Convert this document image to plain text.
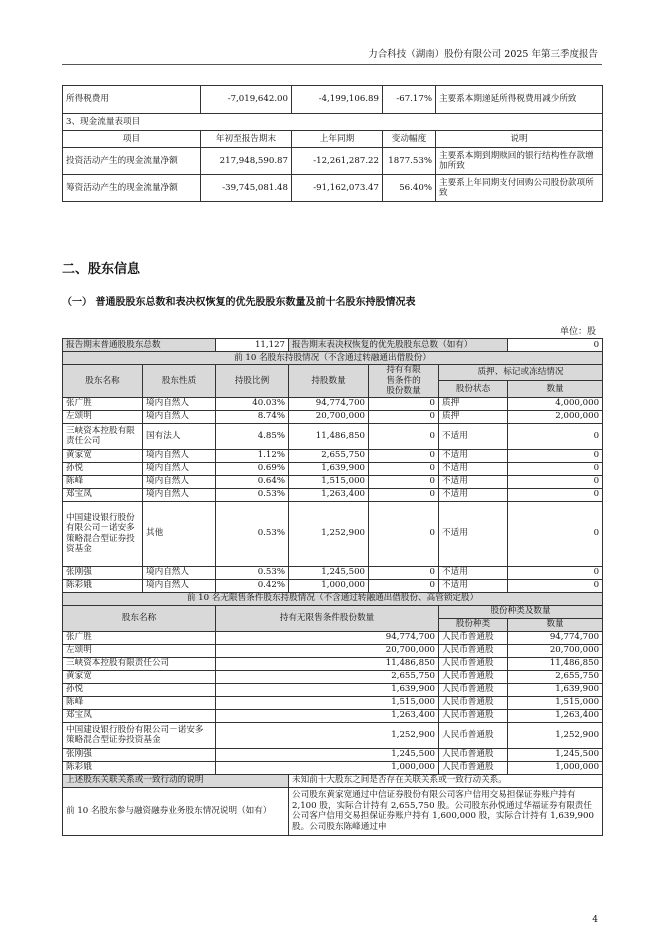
力合科技（湖南）股份有限公司 2025 年第三季度报告
所得税费用	-7,019,642.00	-4,199,106.89	-67.17%	主要系本期递延所得税费用减少所致
3、现金流量表项目				
项目	年初至报告期末	上年同期	变动幅度	说明
投资活动产生的现金流量净额	217,948,590.87	-12,261,287.22	1877.53%	主要系本期到期赎回的银行结构性存款增加所致
筹资活动产生的现金流量净额	-39,745,081.48	-91,162,073.47	56.40%	主要系上年同期支付回购公司股份款项所致
二、股东信息
（一） 普通股股东总数和表决权恢复的优先股股东数量及前十名股东持股情况表
单位：股
报告期末普通股股东总数		11,127	报告期末表决权恢复的优先股股东总数（如有）			0
前 10 名股东持股情况（不含通过转融通出借股份）						
股东名称	股东性质	持股比例	持股数量	持有有限售条件的股份数量	质押、标记或冻结情况	
					股份状态	数量
张广胜	境内自然人	40.03%	94,774,700	0	质押	4,000,000
左颂明	境内自然人	8.74%	20,700,000	0	质押	2,000,000
三峡资本控股有限责任公司	国有法人	4.85%	11,486,850	0	不适用	0
黄家宽	境内自然人	1.12%	2,655,750	0	不适用	0
孙悦	境内自然人	0.69%	1,639,900	0	不适用	0
陈峰	境内自然人	0.64%	1,515,000	0	不适用	0
郑宝凤	境内自然人	0.53%	1,263,400	0	不适用	0
中国建设银行股份有限公司－诺安多策略混合型证券投资基金	其他	0.53%	1,252,900	0	不适用	0
张刚强	境内自然人	0.53%	1,245,500	0	不适用	0
陈彩娥	境内自然人	0.42%	1,000,000	0	不适用	0
前 10 名无限售条件股东持股情况（不含通过转融通出借股份、高管锁定股）						
股东名称		持有无限售条件股份数量			股份种类及数量	
					股份种类	数量
张广胜		94,774,700			人民币普通股	94,774,700
左颂明		20,700,000			人民币普通股	20,700,000
三峡资本控股有限责任公司		11,486,850			人民币普通股	11,486,850
黄家宽		2,655,750			人民币普通股	2,655,750
孙悦		1,639,900			人民币普通股	1,639,900
陈峰		1,515,000			人民币普通股	1,515,000
郑宝凤		1,263,400			人民币普通股	1,263,400
中国建设银行股份有限公司－诺安多策略混合型证券投资基金		1,252,900			人民币普通股	1,252,900
张刚强		1,245,500			人民币普通股	1,245,500
陈彩娥		1,000,000			人民币普通股	1,000,000
上述股东关联关系或一致行动的说明			未知前十大股东之间是否存在关联关系或一致行动关系。			
前 10 名股东参与融资融券业务股东情况说明（如有）			公司股东黄家宽通过中信证券股份有限公司客户信用交易担保证券账户持有 2,100 股，实际合计持有 2,655,750 股。公司股东孙悦通过华福证券有限责任公司客户信用交易担保证券账户持有 1,600,000 股，实际合计持有 1,639,900 股。公司股东陈峰通过申			
4
